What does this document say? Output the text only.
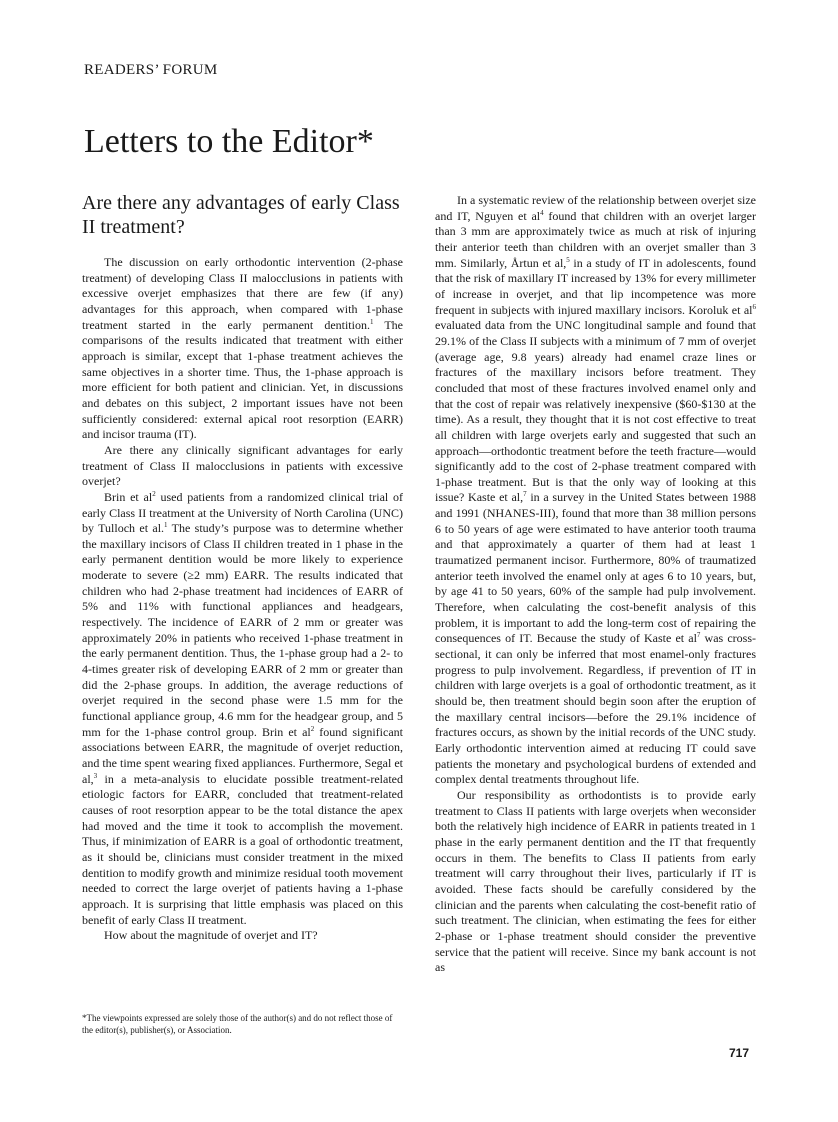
READERS’ FORUM

Letters to the Editor*
Are there any advantages of early Class II treatment?

The discussion on early orthodontic intervention (2-phase treatment) of developing Class II malocclusions in patients with excessive overjet emphasizes that there are few (if any) advantages for this approach, when compared with 1-phase treatment started in the early permanent dentition.$^1$ The comparisons of the results indicated that treatment with either approach is similar, except that 1-phase treatment achieves the same objectives in a shorter time. Thus, the 1-phase approach is more efficient for both patient and clinician. Yet, in discussions and debates on this subject, 2 important issues have not been sufficiently considered: external apical root resorption (EARR) and incisor trauma (IT).

Are there any clinically significant advantages for early treatment of Class II malocclusions in patients with excessive overjet?

Brin et $al^2$ used patients from a randomized clinical trial of early Class II treatment at the University of North Carolina (UNC) by Tulloch et al.$^1$ The study’s purpose was to determine whether the maxillary incisors of Class II children treated in 1 phase in the early permanent dentition would be more likely to experience moderate to severe (≥2 mm) EARR. The results indicated that children who had 2-phase treatment had incidences of EARR of 5% and 11% with functional appliances and headgears, respectively. The incidence of EARR of 2 mm or greater was approximately 20% in patients who received 1-phase treatment in the early permanent dentition. Thus, the 1-phase group had a 2- to 4-times greater risk of developing EARR of 2 mm or greater than did the 2-phase groups. In addition, the average reductions of overjet required in the second phase were 1.5 mm for the functional appliance group, 4.6 mm for the headgear group, and 5 mm for the 1-phase control group. Brin et $al^2$ found significant associations between EARR, the magnitude of overjet reduction, and the time spent wearing fixed appliances. Furthermore, Segal et al,$^3$ in a meta-analysis to elucidate possible treatment-related etiologic factors for EARR, concluded that treatment-related causes of root resorption appear to be the total distance the apex had moved and the time it took to accomplish the movement. Thus, if minimization of EARR is a goal of orthodontic treatment, as it should be, clinicians must consider treatment in the mixed dentition to modify growth and minimize residual tooth movement needed to correct the large overjet of patients having a 1-phase approach. It is surprising that little emphasis was placed on this benefit of early Class II treatment.

How about the magnitude of overjet and IT?

In a systematic review of the relationship between overjet size and IT, Nguyen et $al^4$ found that children with an overjet larger than 3 mm are approximately twice as much at risk of injuring their anterior teeth than children with an overjet smaller than 3 mm. Similarly, Årtun et al,$^5$ in a study of IT in adolescents, found that the risk of maxillary IT increased by 13% for every millimeter of increase in overjet, and that lip incompetence was more frequent in subjects with injured maxillary incisors. Koroluk et $al^6$ evaluated data from the UNC longitudinal sample and found that 29.1% of the Class II subjects with a minimum of 7 mm of overjet (average age, 9.8 years) already had enamel craze lines or fractures of the maxillary incisors before treatment. They concluded that most of these fractures involved enamel only and that the cost of repair was relatively inexpensive ($60-$130 at the time). As a result, they thought that it is not cost effective to treat all children with large overjets early and suggested that such an approach—orthodontic treatment before the teeth fracture—would significantly add to the cost of 2-phase treatment compared with 1-phase treatment. But is that the only way of looking at this issue? Kaste et al,$^7$ in a survey in the United States between 1988 and 1991 (NHANES-III), found that more than 38 million persons 6 to 50 years of age were estimated to have anterior tooth trauma and that approximately a quarter of them had at least 1 traumatized permanent incisor. Furthermore, 80% of traumatized anterior teeth involved the enamel only at ages 6 to 10 years, but, by age 41 to 50 years, 60% of the sample had pulp involvement. Therefore, when calculating the cost-benefit analysis of this problem, it is important to add the long-term cost of repairing the consequences of IT. Because the study of Kaste et $al^7$ was cross-sectional, it can only be inferred that most enamel-only fractures progress to pulp involvement. Regardless, if prevention of IT in children with large overjets is a goal of orthodontic treatment, as it should be, then treatment should begin soon after the eruption of the maxillary central incisors—before the 29.1% incidence of fractures occurs, as shown by the initial records of the UNC study. Early orthodontic intervention aimed at reducing IT could save patients the monetary and psychological burdens of extended and complex dental treatments throughout life.

Our responsibility as orthodontists is to provide early treatment to Class II patients with large overjets when weconsider both the relatively high incidence of EARR in patients treated in 1 phase in the early permanent dentition and the IT that frequently occurs in them. The benefits to Class II patients from early treatment will carry throughout their lives, particularly if IT is avoided. These facts should be carefully considered by the clinician and the parents when calculating the cost-benefit ratio of such treatment. The clinician, when estimating the fees for either 2-phase or 1-phase treatment should consider the preventive service that the patient will receive. Since my bank account is not as

*The viewpoints expressed are solely those of the author(s) and do not reflect those of the editor(s), publisher(s), or Association.

717
